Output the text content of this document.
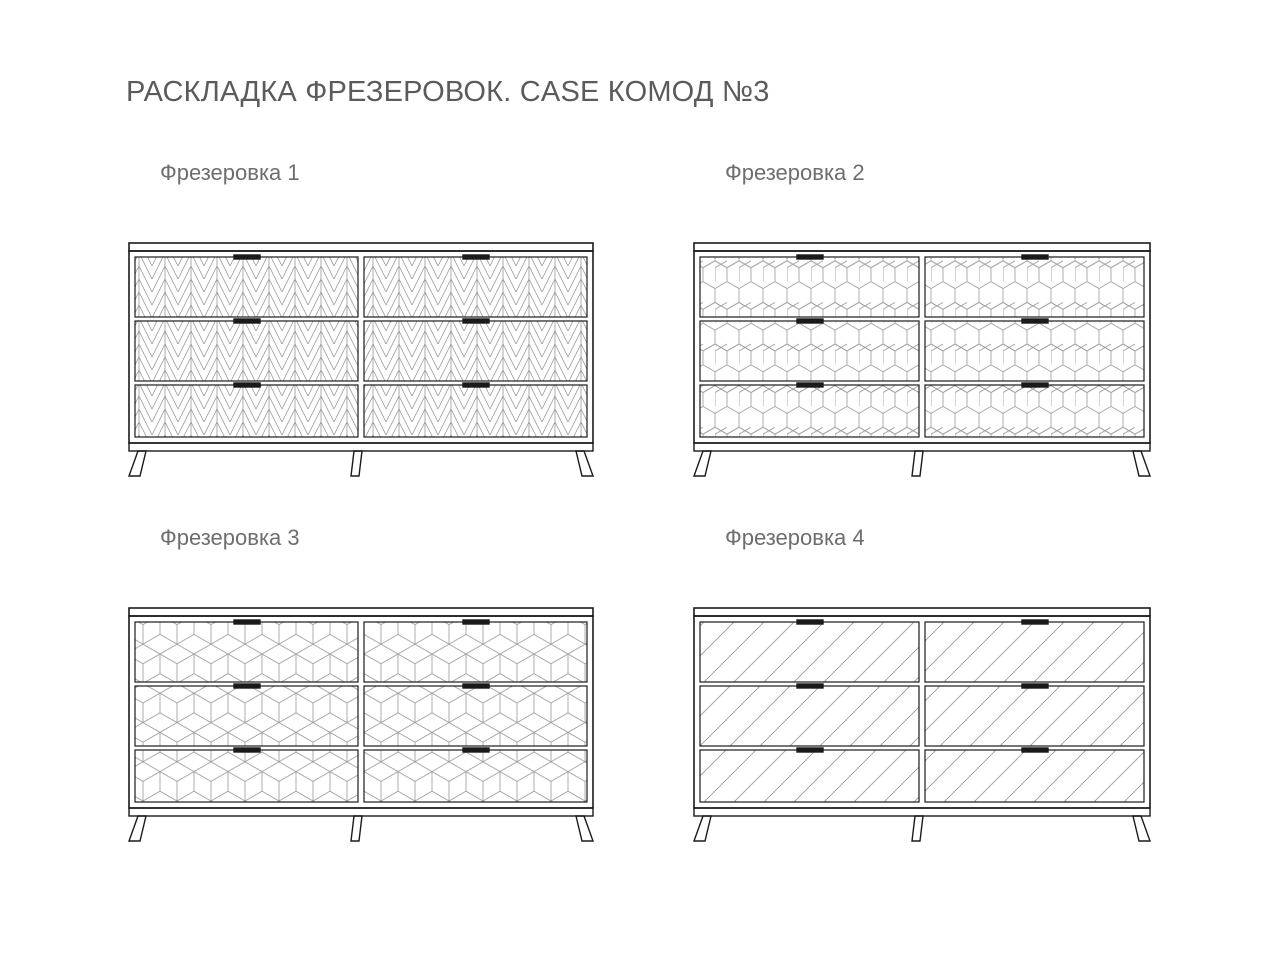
РАСКЛАДКА ФРЕЗЕРОВОК. CASE КОМОД №3
Фрезеровка 1	Фрезеровка 2
Фрезеровка 3	Фрезеровка 4
